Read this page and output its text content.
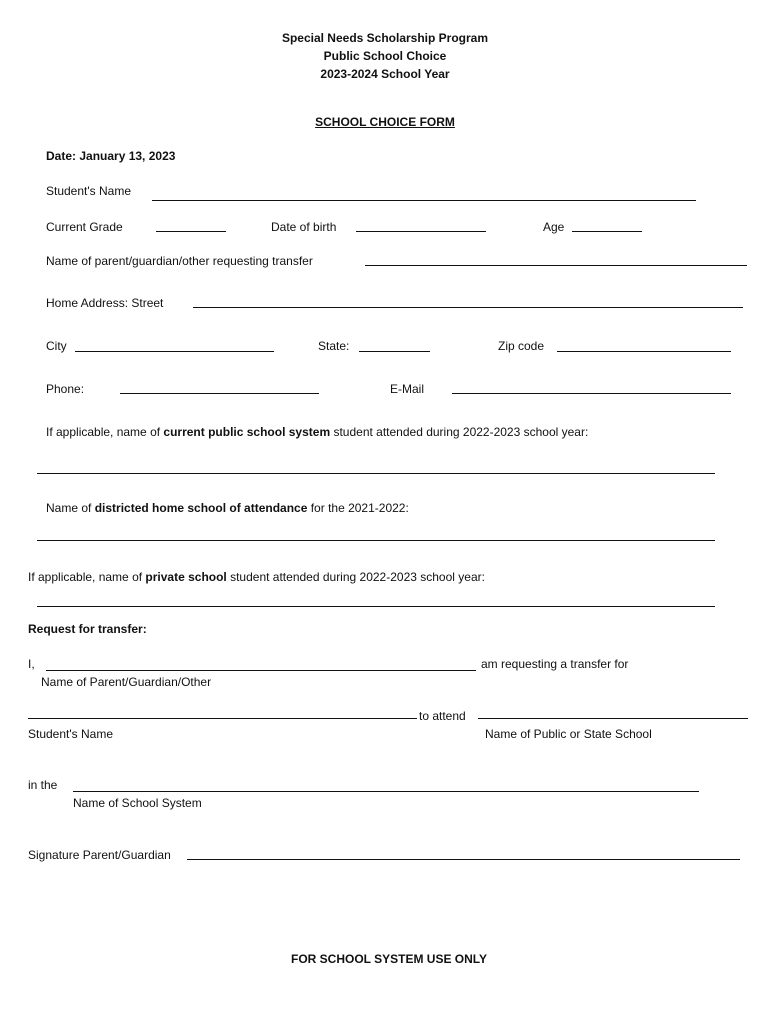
Special Needs Scholarship Program
Public School Choice
2023-2024 School Year
SCHOOL CHOICE FORM
Date: January 13, 2023
Student's Name
Current Grade	Date of birth	Age
Name of parent/guardian/other requesting transfer
Home Address: Street
City	State:	Zip code
Phone:	E-Mail
If applicable, name of current public school system student attended during 2022-2023 school year:
Name of districted home school of attendance for the 2021-2022:
If applicable, name of private school student attended during 2022-2023 school year:
Request for transfer:
I,	am requesting a transfer for
Name of Parent/Guardian/Other
to attend
Student's Name	Name of Public or State School
in the
Name of School System
Signature Parent/Guardian
FOR SCHOOL SYSTEM USE ONLY
